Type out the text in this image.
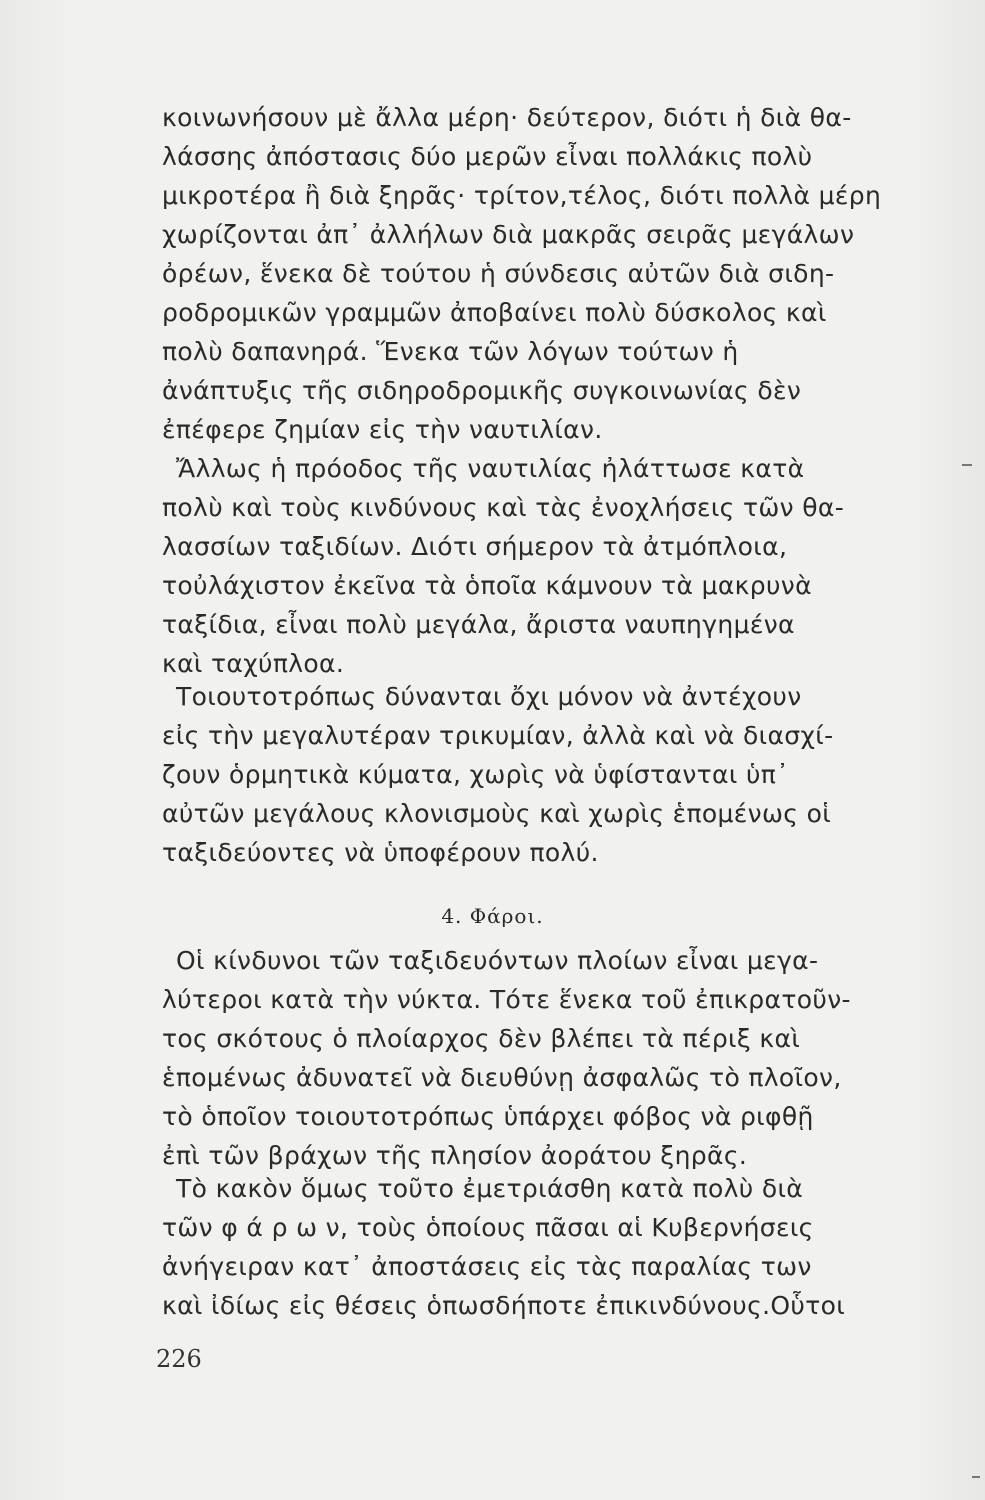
κοινωνήσουν μὲ ἄλλα μέρη· δεύτερον, διότι ἡ διὰ θα-
λάσσης ἀπόστασις δύο μερῶν εἶναι πολλάκις πολὺ
μικροτέρα ἢ διὰ ξηρᾶς· τρίτον,τέλος, διότι πολλὰ μέρη
χωρίζονται ἀπ᾽ ἀλλήλων διὰ μακρᾶς σειρᾶς μεγάλων
ὀρέων, ἕνεκα δὲ τούτου ἡ σύνδεσις αὐτῶν διὰ σιδη-
ροδρομικῶν γραμμῶν ἀποβαίνει πολὺ δύσκολος καὶ
πολὺ δαπανηρά. Ἕνεκα τῶν λόγων τούτων ἡ
ἀνάπτυξις τῆς σιδηροδρομικῆς συγκοινωνίας δὲν
ἐπέφερε ζημίαν εἰς τὴν ναυτιλίαν.
Ἄλλως ἡ πρόοδος τῆς ναυτιλίας ἠλάττωσε κατὰ
πολὺ καὶ τοὺς κινδύνους καὶ τὰς ἐνοχλήσεις τῶν θα-
λασσίων ταξιδίων. Διότι σήμερον τὰ ἀτμόπλοια,
τοὐλάχιστον ἐκεῖνα τὰ ὁποῖα κάμνουν τὰ μακρυνὰ
ταξίδια, εἶναι πολὺ μεγάλα, ἄριστα ναυπηγημένα
καὶ ταχύπλοα.
Τοιουτοτρόπως δύνανται ὄχι μόνον νὰ ἀντέχουν
εἰς τὴν μεγαλυτέραν τρικυμίαν, ἀλλὰ καὶ νὰ διασχί-
ζουν ὁρμητικὰ κύματα, χωρὶς νὰ ὑφίστανται ὑπ᾽
αὐτῶν μεγάλους κλονισμοὺς καὶ χωρὶς ἑπομένως οἱ
ταξιδεύοντες νὰ ὑποφέρουν πολύ.
4. Φάροι.
Οἱ κίνδυνοι τῶν ταξιδευόντων πλοίων εἶναι μεγα-
λύτεροι κατὰ τὴν νύκτα. Τότε ἕνεκα τοῦ ἐπικρατοῦν-
τος σκότους ὁ πλοίαρχος δὲν βλέπει τὰ πέριξ καὶ
ἑπομένως ἀδυνατεῖ νὰ διευθύνῃ ἀσφαλῶς τὸ πλοῖον,
τὸ ὁποῖον τοιουτοτρόπως ὑπάρχει φόβος νὰ ριφθῇ
ἐπὶ τῶν βράχων τῆς πλησίον ἀοράτου ξηρᾶς.
Τὸ κακὸν ὅμως τοῦτο ἐμετριάσθη κατὰ πολὺ διὰ
τῶν φ ά ρ ω ν, τοὺς ὁποίους πᾶσαι αἱ Κυβερνήσεις
ἀνήγειραν κατ᾽ ἀποστάσεις εἰς τὰς παραλίας των
καὶ ἰδίως εἰς θέσεις ὁπωσδήποτε ἐπικινδύνους.Οὗτοι
226
